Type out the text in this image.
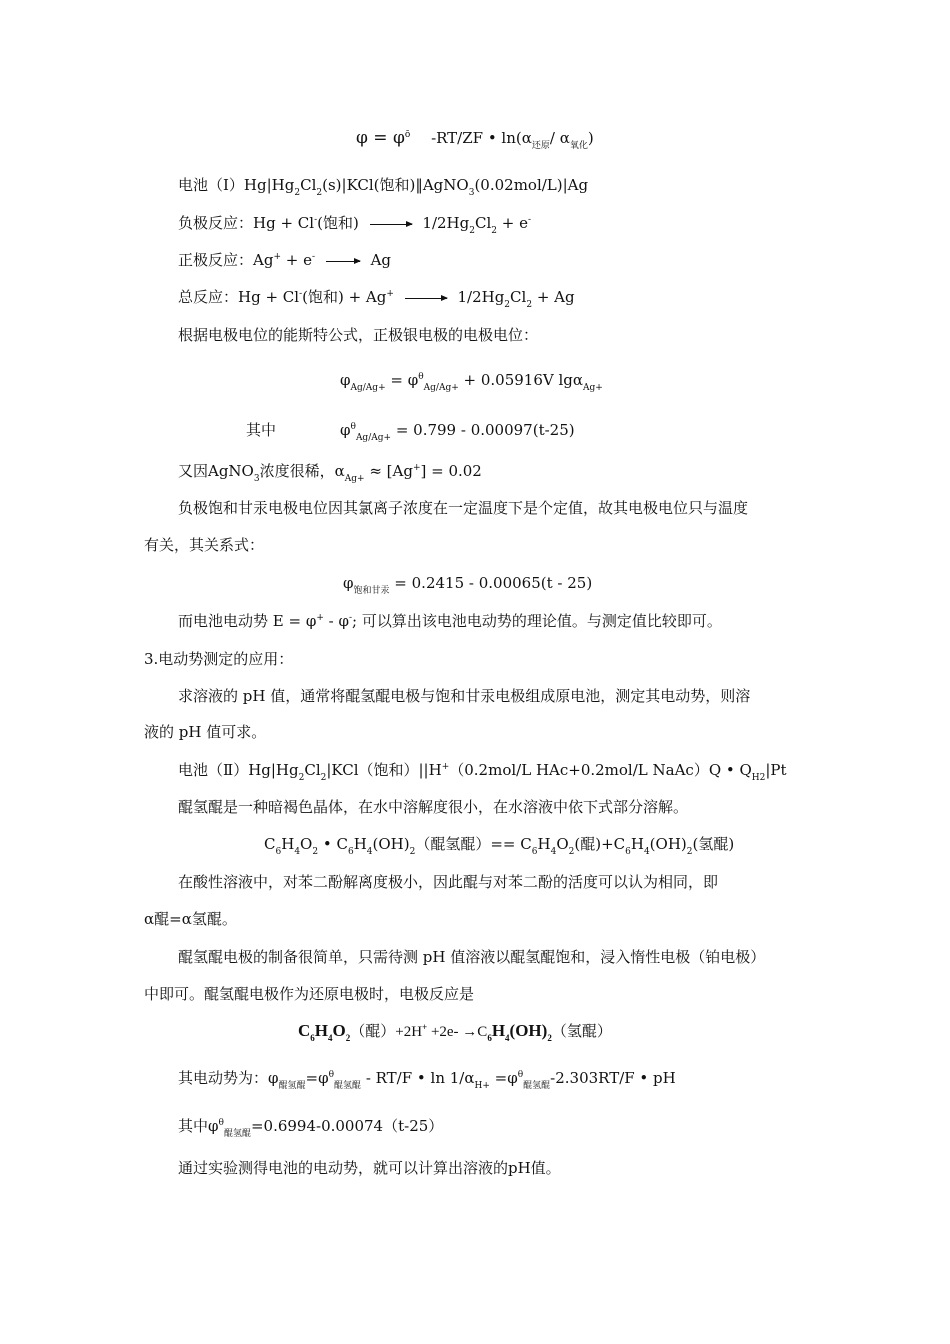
$\varphi = \varphi^ō$ -RT/ZF • $\ln(\alpha_{还原}/$ $\alpha_{氧化}$)
电池$(Ⅰ)Hg|Hg_2Cl_2(s)|KCl$(饱和)‖AgNO$_3$(0.02mol/L)|Ag
负极反应：Hg + Cl-(饱和)	$1/2Hg_2Cl_2 + e^-$
正极反应：Ag+ + e-	Ag
总反应：Hg + Cl-(饱和) + Ag+	$1/2Hg_2Cl_2 + Ag$
根据电极电位的能斯特公式，正极银电极的电极电位：
$\varphi_{Ag/Ag+} = \varphi^\theta_{Ag/Ag+} + 0.05916V$ lgα$_{Ag+}$
其中	$\varphi^\theta_{Ag/Ag+} = 0.799 - 0.00097(t-25)$
又因AgNO$_3$浓度很稀，$\alpha_{Ag+} \approx [Ag^+] = 0.02$
负极饱和甘汞电极电位因其氯离子浓度在一定温度下是个定值，故其电极电位只与温度
有关，其关系式：
$\varphi_{饱和甘汞} = 0.2415 - 0.00065(t - 25)$
而电池电动势 E = φ+ - φ-; 可以算出该电池电动势的理论值。与测定值比较即可。
3.电动势测定的应用：
求溶液的 pH 值，通常将醌氢醌电极与饱和甘汞电极组成原电池，测定其电动势，则溶
液的 pH 值可求。
电池$(Ⅱ)Hg|Hg_2Cl_2|KCl$（饱和）||H+（0.2mol/L HAc+0.2mol/L NaAc）Q • $Q_{H2}|Pt$
醌氢醌是一种暗褐色晶体，在水中溶解度很小，在水溶液中依下式部分溶解。
$C_6H_4O_2$ • $C_6H_4(OH)_2$（醌氢醌）== $C_6H_4O_2$(醌)$+C_6H_4(OH)_2$(氢醌)
在酸性溶液中，对苯二酚解离度极小，因此醌与对苯二酚的活度可以认为相同，即
α醌=α氢醌。
醌氢醌电极的制备很简单，只需待测 pH 值溶液以醌氢醌饱和，浸入惰性电极（铂电极）
中即可。醌氢醌电极作为还原电极时，电极反应是
$C_6H_4O_2$（醌）$+2H^+ +2e- \to C_6H_4(OH)_2$（氢醌）
其电动势为：$\varphi_{醌氢醌}=\varphi^\theta_{醌氢醌} - RT/F$ • $\ln 1/\alpha_{H+} =\varphi^\theta_{醌氢醌}-2.303RT/F$ • pH
其中$\varphi^\theta_{醌氢醌}=0.6994-0.00074(t-25)$
通过实验测得电池的电动势，就可以计算出溶液的pH值。
